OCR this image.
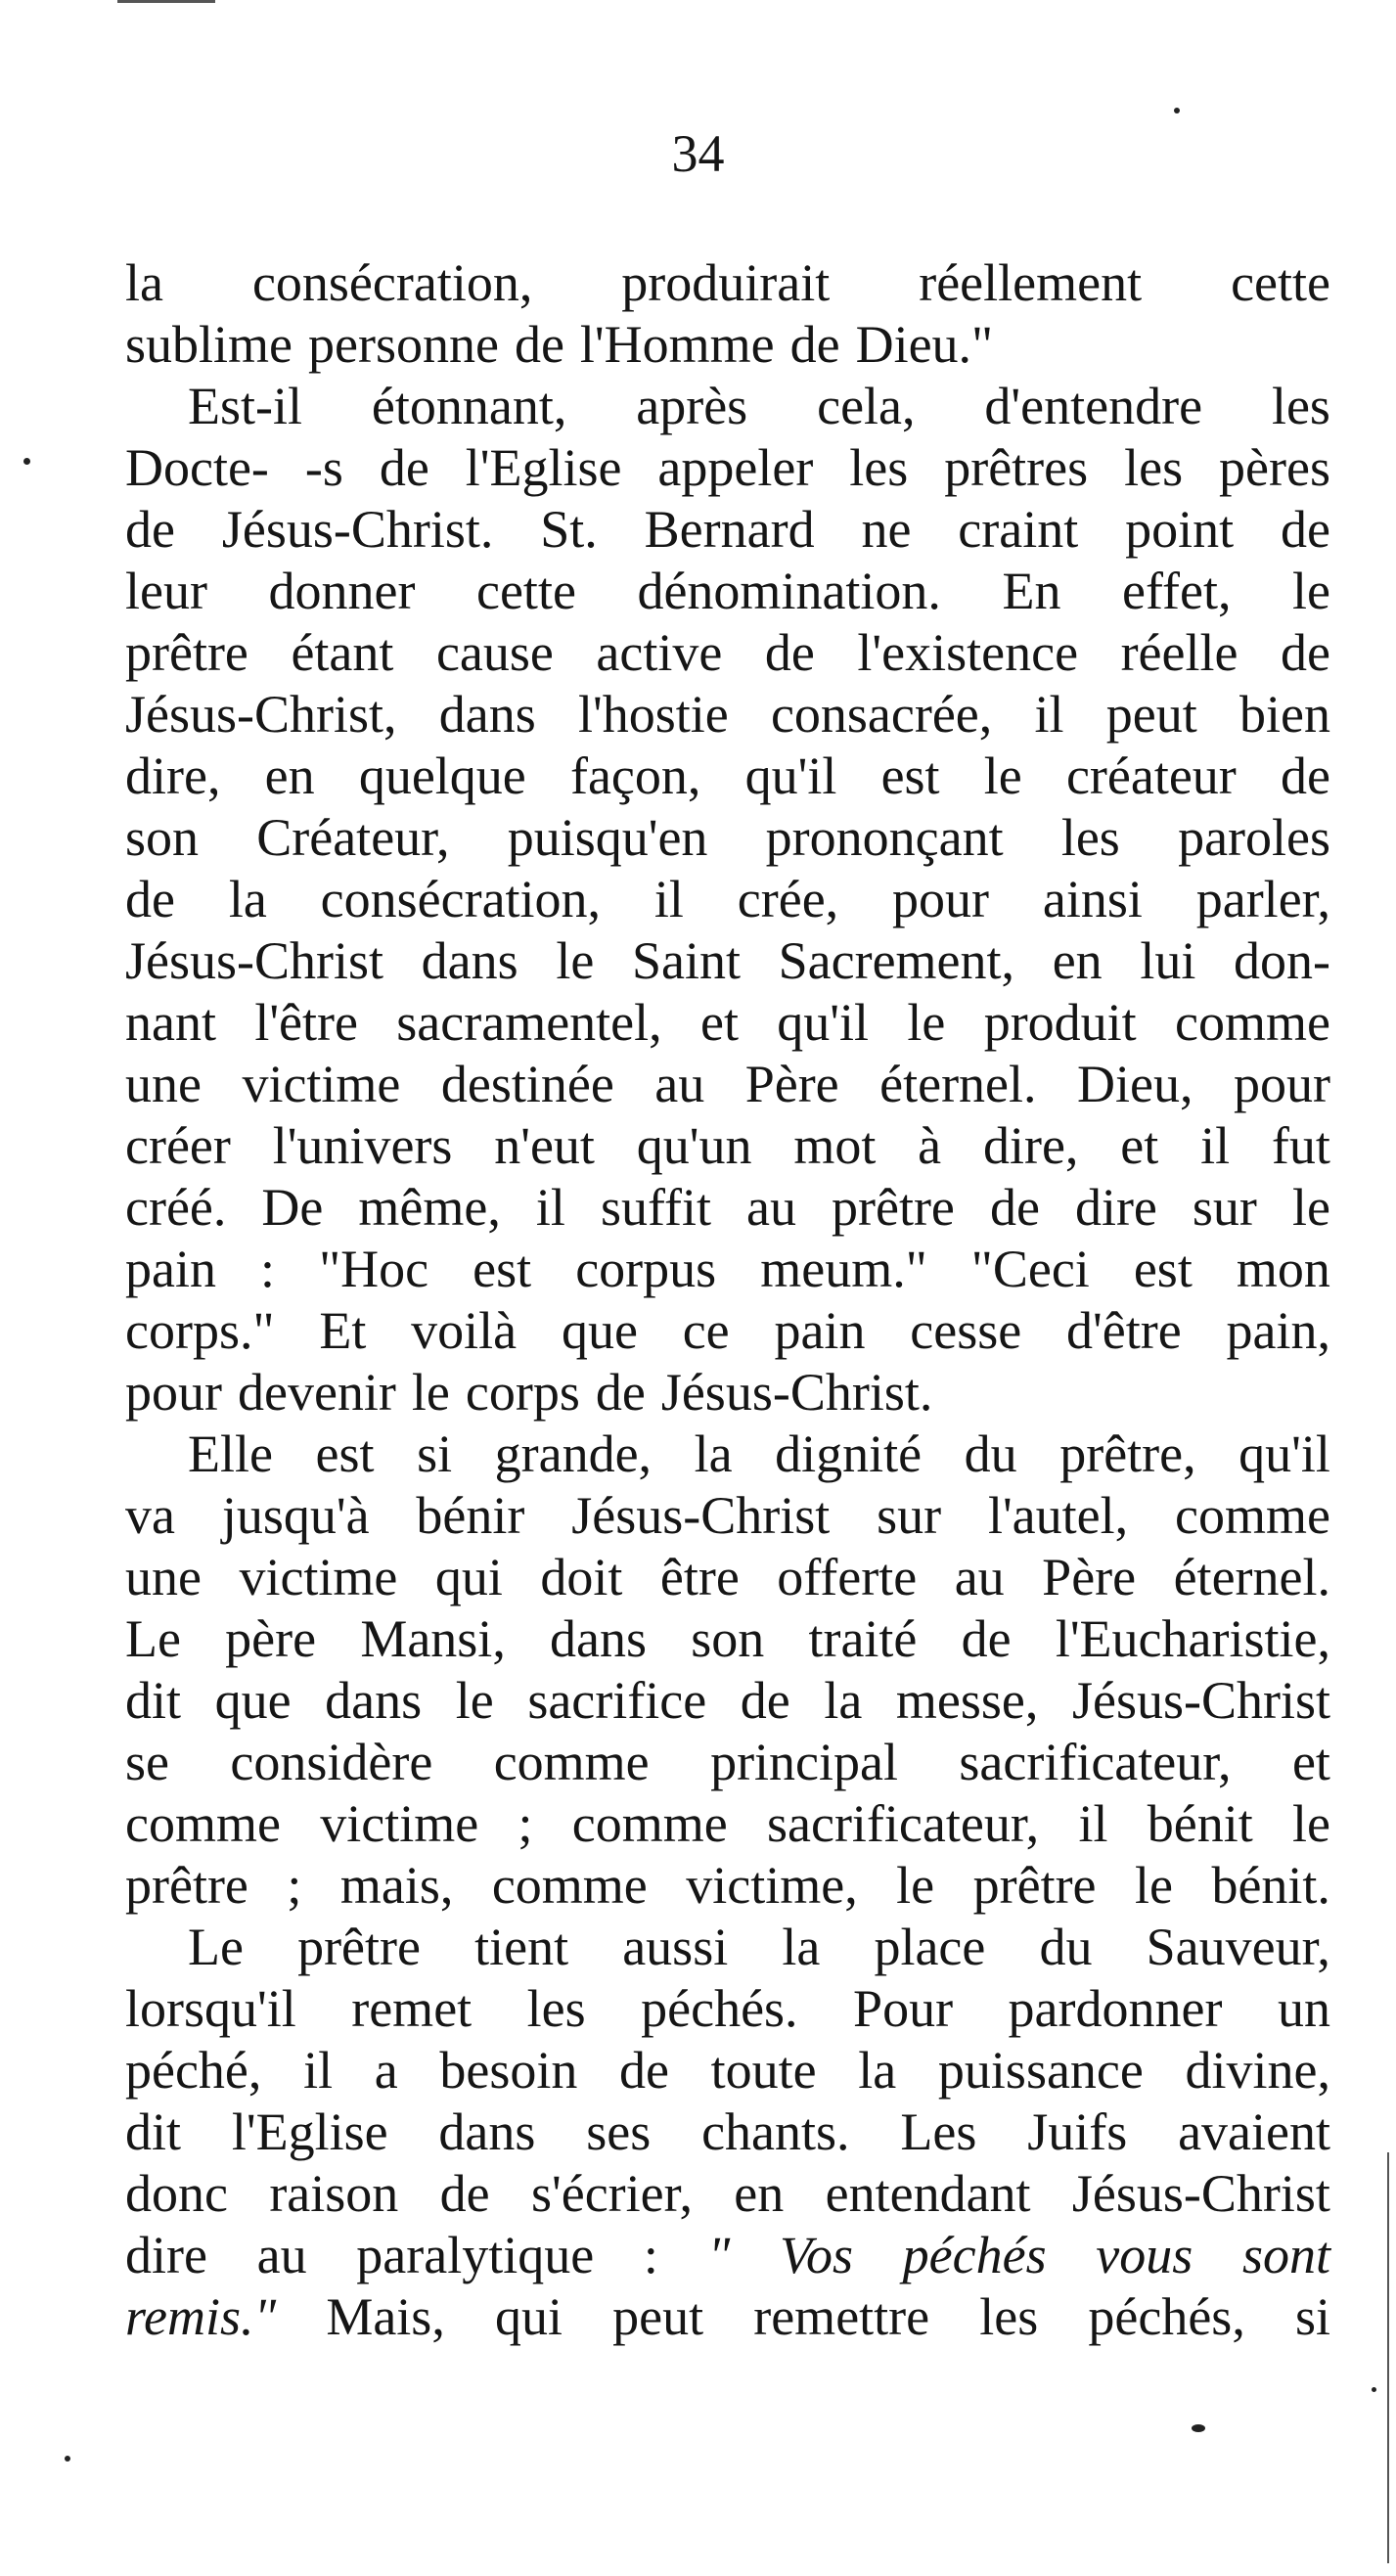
34
la consécration, produirait réellement cette
sublime personne de l'Homme de Dieu."
Est-il étonnant, après cela, d'entendre les
Docte- -s de l'Eglise appeler les prêtres les pères
de Jésus-Christ. St. Bernard ne craint point de
leur donner cette dénomination. En effet, le
prêtre étant cause active de l'existence réelle de
Jésus-Christ, dans l'hostie consacrée, il peut bien
dire, en quelque façon, qu'il est le créateur de
son Créateur, puisqu'en prononçant les paroles
de la consécration, il crée, pour ainsi parler,
Jésus-Christ dans le Saint Sacrement, en lui don-
nant l'être sacramentel, et qu'il le produit comme
une victime destinée au Père éternel. Dieu, pour
créer l'univers n'eut qu'un mot à dire, et il fut
créé. De même, il suffit au prêtre de dire sur le
pain : "Hoc est corpus meum." "Ceci est mon
corps." Et voilà que ce pain cesse d'être pain,
pour devenir le corps de Jésus-Christ.
Elle est si grande, la dignité du prêtre, qu'il
va jusqu'à bénir Jésus-Christ sur l'autel, comme
une victime qui doit être offerte au Père éternel.
Le père Mansi, dans son traité de l'Eucharistie,
dit que dans le sacrifice de la messe, Jésus-Christ
se considère comme principal sacrificateur, et
comme victime ; comme sacrificateur, il bénit le
prêtre ; mais, comme victime, le prêtre le bénit.
Le prêtre tient aussi la place du Sauveur,
lorsqu'il remet les péchés. Pour pardonner un
péché, il a besoin de toute la puissance divine,
dit l'Eglise dans ses chants. Les Juifs avaient
donc raison de s'écrier, en entendant Jésus-Christ
dire au paralytique : " Vos péchés vous sont
remis." Mais, qui peut remettre les péchés, si
